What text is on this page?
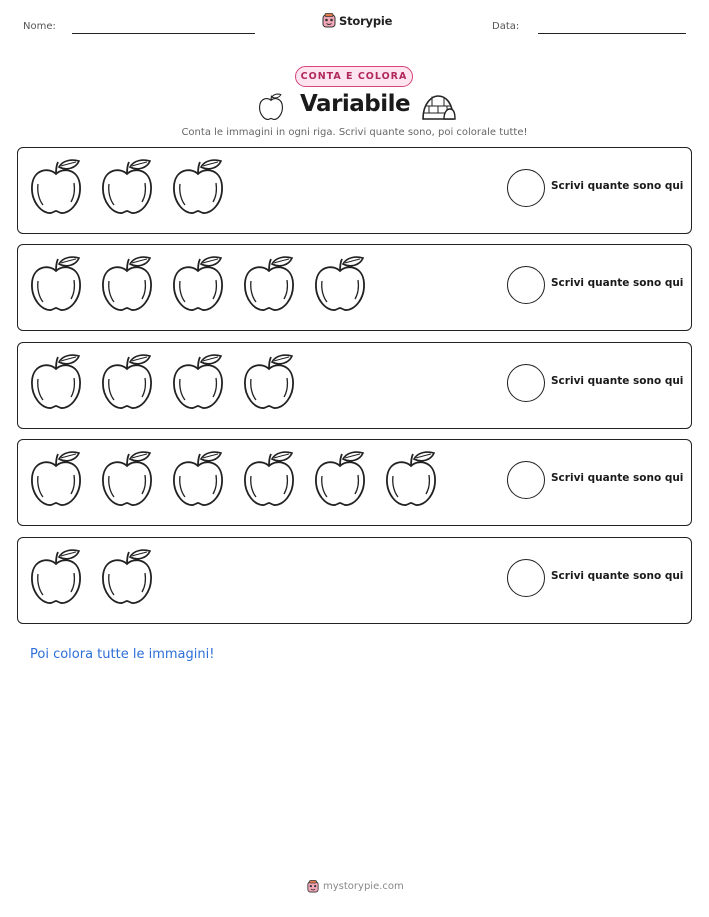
Nome:	Storypie	Data:
CONTA E COLORA
Variabile
Conta le immagini in ogni riga. Scrivi quante sono, poi colorale tutte!
Scrivi quante sono qui
Scrivi quante sono qui
Scrivi quante sono qui
Scrivi quante sono qui
Scrivi quante sono qui
Poi colora tutte le immagini!
mystorypie.com
